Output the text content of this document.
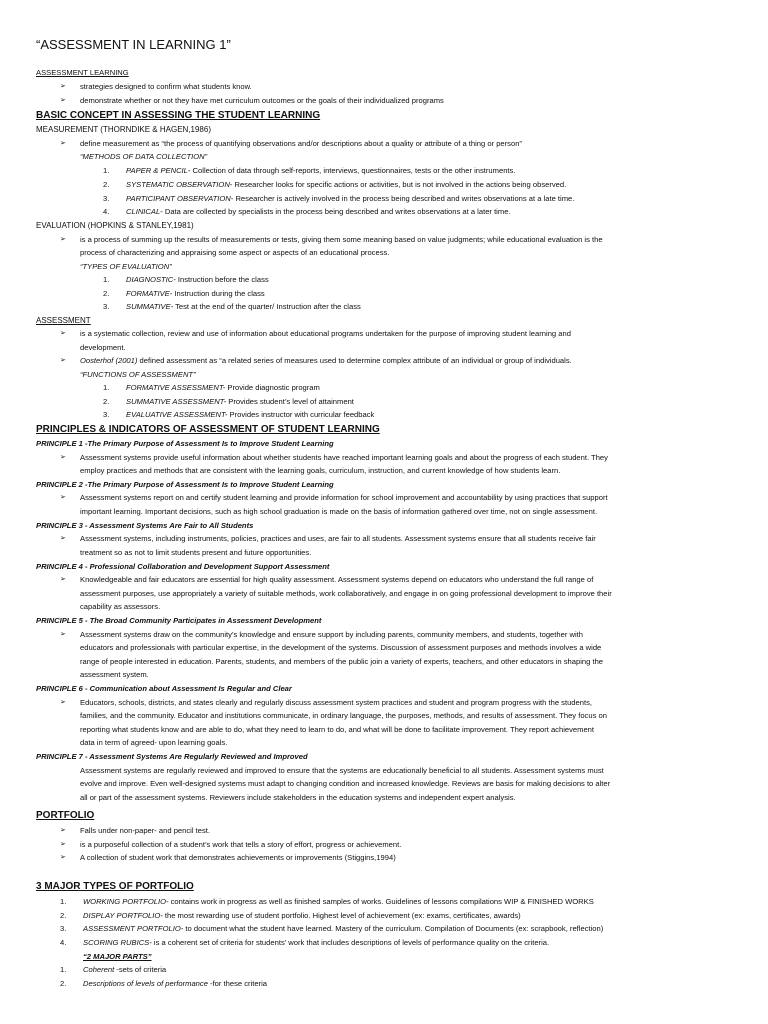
“ASSESSMENT IN LEARNING 1”
ASSESSMENT LEARNING
➢ strategies designed to confirm what students know.
➢ demonstrate whether or not they have met curriculum outcomes or the goals of their individualized programs
BASIC CONCEPT IN ASSESSING THE STUDENT LEARNING
MEASUREMENT (THORNDIKE & HAGEN,1986)
➢ define measurement as “the process of quantifying observations and/or descriptions about a quality or attribute of a thing or person”
“METHODS OF DATA COLLECTION”
1. PAPER & PENCIL- Collection of data through self-reports, interviews, questionnaires, tests or the other instruments.
2. SYSTEMATIC OBSERVATION- Researcher looks for specific actions or activities, but is not involved in the actions being observed.
3. PARTICIPANT OBSERVATION- Researcher is actively involved in the process being described and writes observations at a late time.
4. CLINICAL- Data are collected by specialists in the process being described and writes observations at a later time.
EVALUATION (HOPKINS & STANLEY,1981)
➢ is a process of summing up the results of measurements or tests, giving them some meaning based on value judgments; while educational evaluation is the
process of characterizing and appraising some aspect or aspects of an educational process.
“TYPES OF EVALUATION”
1. DIAGNOSTIC- Instruction before the class
2. FORMATIVE- Instruction during the class
3. SUMMATIVE- Test at the end of the quarter/ Instruction after the class
ASSESSMENT
➢ is a systematic collection, review and use of information about educational programs undertaken for the purpose of improving student learning and
development.
➢ Oosterhof (2001) defined assessment as “a related series of measures used to determine complex attribute of an individual or group of individuals.
“FUNCTIONS OF ASSESSMENT”
1. FORMATIVE ASSESSMENT- Provide diagnostic program
2. SUMMATIVE ASSESSMENT- Provides student’s level of attainment
3. EVALUATIVE ASSESSMENT- Provides instructor with curricular feedback
PRINCIPLES & INDICATORS OF ASSESSMENT OF STUDENT LEARNING
PRINCIPLE 1 -The Primary Purpose of Assessment Is to Improve Student Learning
➢ Assessment systems provide useful information about whether students have reached important learning goals and about the progress of each student. They
employ practices and methods that are consistent with the learning goals, curriculum, instruction, and current knowledge of how students learn.
PRINCIPLE 2 -The Primary Purpose of Assessment Is to Improve Student Learning
➢ Assessment systems report on and certify student learning and provide information for school improvement and accountability by using practices that support
important learning. Important decisions, such as high school graduation is made on the basis of information gathered over time, not on single assessment.
PRINCIPLE 3 - Assessment Systems Are Fair to All Students
➢ Assessment systems, including instruments, policies, practices and uses, are fair to all students. Assessment systems ensure that all students receive fair
treatment so as not to limit students present and future opportunities.
PRINCIPLE 4 - Professional Collaboration and Development Support Assessment
➢ Knowledgeable and fair educators are essential for high quality assessment. Assessment systems depend on educators who understand the full range of
assessment purposes, use appropriately a variety of suitable methods, work collaboratively, and engage in on going professional development to improve their
capability as assessors.
PRINCIPLE 5 - The Broad Community Participates in Assessment Development
➢ Assessment systems draw on the community’s knowledge and ensure support by including parents, community members, and students, together with
educators and professionals with particular expertise, in the development of the systems. Discussion of assessment purposes and methods involves a wide
range of people interested in education. Parents, students, and members of the public join a variety of experts, teachers, and other educators in shaping the
assessment system.
PRINCIPLE 6 - Communication about Assessment Is Regular and Clear
➢ Educators, schools, districts, and states clearly and regularly discuss assessment system practices and student and program progress with the students,
families, and the community. Educator and institutions communicate, in ordinary language, the purposes, methods, and results of assessment. They focus on
reporting what students know and are able to do, what they need to learn to do, and what will be done to facilitate improvement. They report achievement
data in term of agreed- upon learning goals.
PRINCIPLE 7 - Assessment Systems Are Regularly Reviewed and Improved
Assessment systems are regularly reviewed and improved to ensure that the systems are educationally beneficial to all students. Assessment systems must
evolve and improve. Even well-designed systems must adapt to changing condition and increased knowledge. Reviews are basis for making decisions to alter
all or part of the assessment systems. Reviewers include stakeholders in the education systems and independent expert analysis.
PORTFOLIO
➢ Falls under non-paper- and pencil test.
➢ is a purposeful collection of a student’s work that tells a story of effort, progress or achievement.
➢ A collection of student work that demonstrates achievements or improvements (Stiggins,1994)
3 MAJOR TYPES OF PORTFOLIO
1. WORKING PORTFOLIO- contains work in progress as well as finished samples of works. Guidelines of lessons compilations WIP & FINISHED WORKS
2. DISPLAY PORTFOLIO- the most rewarding use of student portfolio. Highest level of achievement (ex: exams, certificates, awards)
3. ASSESSMENT PORTFOLIO- to document what the student have learned. Mastery of the curriculum. Compilation of Documents (ex: scrapbook, reflection)
4. SCORING RUBICS- is a coherent set of criteria for students’ work that includes descriptions of levels of performance quality on the criteria.
“2 MAJOR PARTS”
1. Coherent -sets of criteria
2. Descriptions of levels of performance -for these criteria
